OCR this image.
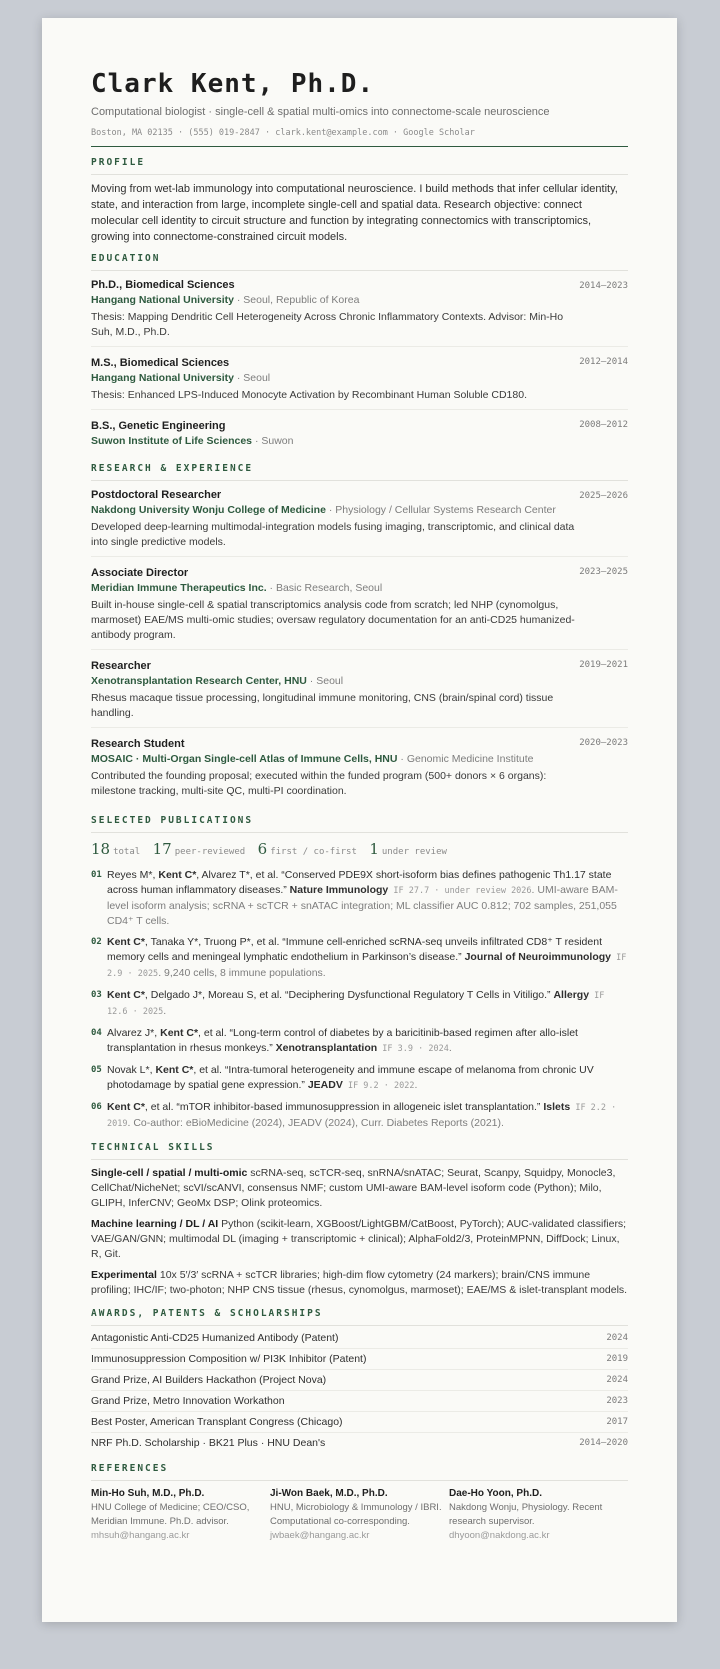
Clark Kent, Ph.D.
Computational biologist · single-cell & spatial multi-omics into connectome-scale neuroscience
Boston, MA 02135 · (555) 019-2847 · clark.kent@example.com · Google Scholar
PROFILE
Moving from wet-lab immunology into computational neuroscience. I build methods that infer cellular identity, state, and interaction from large, incomplete single-cell and spatial data. Research objective: connect molecular cell identity to circuit structure and function by integrating connectomics with transcriptomics, growing into connectome-constrained circuit models.
EDUCATION
Ph.D., Biomedical Sciences	2014–2023
Hangang National University · Seoul, Republic of Korea
Thesis: Mapping Dendritic Cell Heterogeneity Across Chronic Inflammatory Contexts. Advisor: Min-Ho Suh, M.D., Ph.D.
M.S., Biomedical Sciences	2012–2014
Hangang National University · Seoul
Thesis: Enhanced LPS-Induced Monocyte Activation by Recombinant Human Soluble CD180.
B.S., Genetic Engineering	2008–2012
Suwon Institute of Life Sciences · Suwon
RESEARCH & EXPERIENCE
Postdoctoral Researcher	2025–2026
Nakdong University Wonju College of Medicine · Physiology / Cellular Systems Research Center
Developed deep-learning multimodal-integration models fusing imaging, transcriptomic, and clinical data into single predictive models.
Associate Director	2023–2025
Meridian Immune Therapeutics Inc. · Basic Research, Seoul
Built in-house single-cell & spatial transcriptomics analysis code from scratch; led NHP (cynomolgus, marmoset) EAE/MS multi-omic studies; oversaw regulatory documentation for an anti-CD25 humanized-antibody program.
Researcher	2019–2021
Xenotransplantation Research Center, HNU · Seoul
Rhesus macaque tissue processing, longitudinal immune monitoring, CNS (brain/spinal cord) tissue handling.
Research Student	2020–2023
MOSAIC · Multi-Organ Single-cell Atlas of Immune Cells, HNU · Genomic Medicine Institute
Contributed the founding proposal; executed within the funded program (500+ donors × 6 organs): milestone tracking, multi-site QC, multi-PI coordination.
SELECTED PUBLICATIONS
18 total 17 peer-reviewed 6 first / co-first 1 under review
01 Reyes M*, Kent C*, Alvarez T*, et al. “Conserved PDE9X short-isoform bias defines pathogenic Th1.17 state across human inflammatory diseases.” Nature Immunology IF 27.7 · under review 2026. UMI-aware BAM-level isoform analysis; scRNA + scTCR + snATAC integration; ML classifier AUC 0.812; 702 samples, 251,055 CD4⁺ T cells.
02 Kent C*, Tanaka Y*, Truong P*, et al. “Immune cell-enriched scRNA-seq unveils infiltrated CD8⁺ T resident memory cells and meningeal lymphatic endothelium in Parkinson’s disease.” Journal of Neuroimmunology IF 2.9 · 2025. 9,240 cells, 8 immune populations.
03 Kent C*, Delgado J*, Moreau S, et al. “Deciphering Dysfunctional Regulatory T Cells in Vitiligo.” Allergy IF 12.6 · 2025.
04 Alvarez J*, Kent C*, et al. “Long-term control of diabetes by a baricitinib-based regimen after allo-islet transplantation in rhesus monkeys.” Xenotransplantation IF 3.9 · 2024.
05 Novak L*, Kent C*, et al. “Intra-tumoral heterogeneity and immune escape of melanoma from chronic UV photodamage by spatial gene expression.” JEADV IF 9.2 · 2022.
06 Kent C*, et al. “mTOR inhibitor-based immunosuppression in allogeneic islet transplantation.” Islets IF 2.2 · 2019. Co-author: eBioMedicine (2024), JEADV (2024), Curr. Diabetes Reports (2021).
TECHNICAL SKILLS
Single-cell / spatial / multi-omic scRNA-seq, scTCR-seq, snRNA/snATAC; Seurat, Scanpy, Squidpy, Monocle3, CellChat/NicheNet; scVI/scANVI, consensus NMF; custom UMI-aware BAM-level isoform code (Python); Milo, GLIPH, InferCNV; GeoMx DSP; Olink proteomics.
Machine learning / DL / AI Python (scikit-learn, XGBoost/LightGBM/CatBoost, PyTorch); AUC-validated classifiers; VAE/GAN/GNN; multimodal DL (imaging + transcriptomic + clinical); AlphaFold2/3, ProteinMPNN, DiffDock; Linux, R, Git.
Experimental 10x 5′/3′ scRNA + scTCR libraries; high-dim flow cytometry (24 markers); brain/CNS immune profiling; IHC/IF; two-photon; NHP CNS tissue (rhesus, cynomolgus, marmoset); EAE/MS & islet-transplant models.
AWARDS, PATENTS & SCHOLARSHIPS
Antagonistic Anti-CD25 Humanized Antibody (Patent)	2024
Immunosuppression Composition w/ PI3K Inhibitor (Patent)	2019
Grand Prize, AI Builders Hackathon (Project Nova)	2024
Grand Prize, Metro Innovation Workathon	2023
Best Poster, American Transplant Congress (Chicago)	2017
NRF Ph.D. Scholarship · BK21 Plus · HNU Dean's	2014–2020
REFERENCES
Min-Ho Suh, M.D., Ph.D.
HNU College of Medicine; CEO/CSO, Meridian Immune. Ph.D. advisor.
mhsuh@hangang.ac.kr
Ji-Won Baek, M.D., Ph.D.
HNU, Microbiology & Immunology / IBRI. Computational co-corresponding.
jwbaek@hangang.ac.kr
Dae-Ho Yoon, Ph.D.
Nakdong Wonju, Physiology. Recent research supervisor.
dhyoon@nakdong.ac.kr
